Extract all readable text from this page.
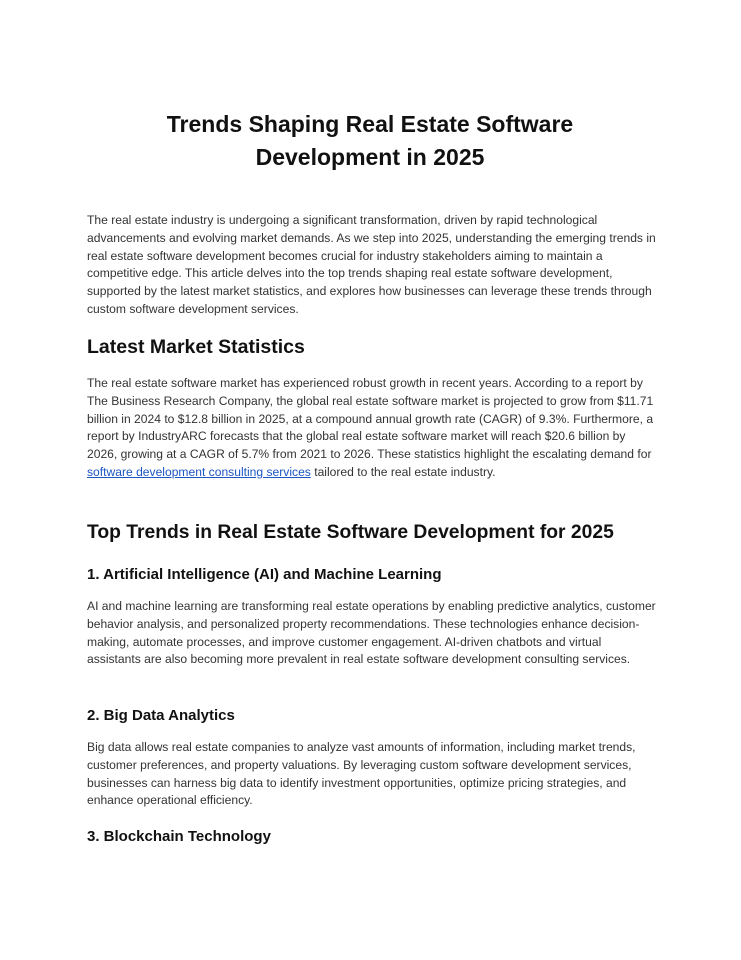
Trends Shaping Real Estate Software Development in 2025

The real estate industry is undergoing a significant transformation, driven by rapid technological advancements and evolving market demands. As we step into 2025, understanding the emerging trends in real estate software development becomes crucial for industry stakeholders aiming to maintain a competitive edge. This article delves into the top trends shaping real estate software development, supported by the latest market statistics, and explores how businesses can leverage these trends through custom software development services.

Latest Market Statistics

The real estate software market has experienced robust growth in recent years. According to a report by The Business Research Company, the global real estate software market is projected to grow from $11.71 billion in 2024 to $12.8 billion in 2025, at a compound annual growth rate (CAGR) of 9.3%. Furthermore, a report by IndustryARC forecasts that the global real estate software market will reach $20.6 billion by 2026, growing at a CAGR of 5.7% from 2021 to 2026. These statistics highlight the escalating demand for software development consulting services tailored to the real estate industry.

Top Trends in Real Estate Software Development for 2025
1. Artificial Intelligence (AI) and Machine Learning

AI and machine learning are transforming real estate operations by enabling predictive analytics, customer behavior analysis, and personalized property recommendations. These technologies enhance decision-making, automate processes, and improve customer engagement. AI-driven chatbots and virtual assistants are also becoming more prevalent in real estate software development consulting services.

2. Big Data Analytics

Big data allows real estate companies to analyze vast amounts of information, including market trends, customer preferences, and property valuations. By leveraging custom software development services, businesses can harness big data to identify investment opportunities, optimize pricing strategies, and enhance operational efficiency.

3. Blockchain Technology
